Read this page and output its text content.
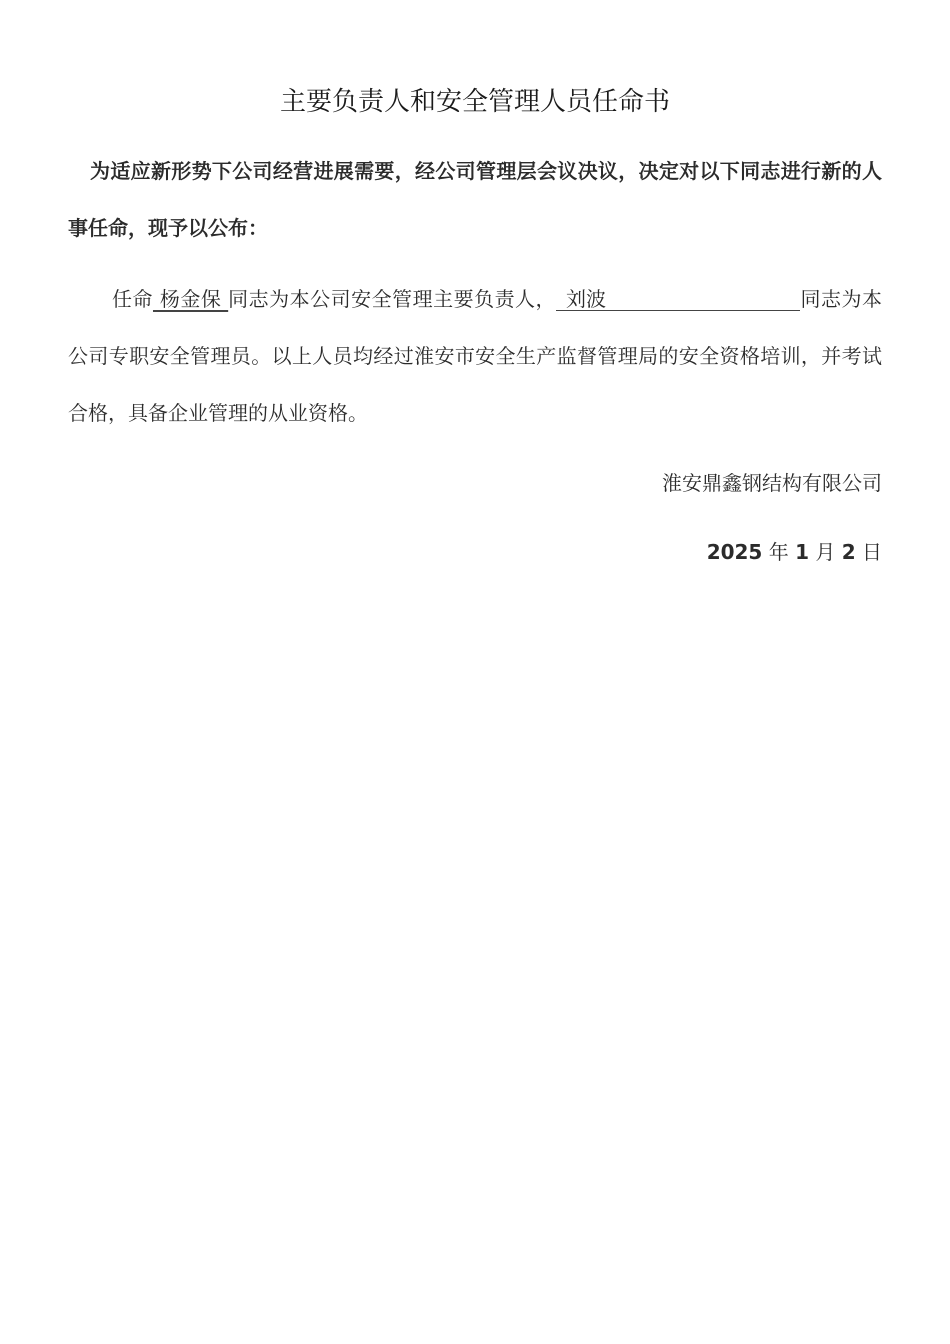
主要负责人和安全管理人员任命书

为适应新形势下公司经营进展需要，经公司管理层会议决议，决定对以下同志进行新的人事任命，现予以公布：

任命 杨金保 同志为本公司安全管理主要负责人， 刘波	同志为本公司专职安全管理员。以上人员均经过淮安市安全生产监督管理局的安全资格培训，并考试合格，具备企业管理的从业资格。

淮安鼎鑫钢结构有限公司
2025 年 1 月 2 日
